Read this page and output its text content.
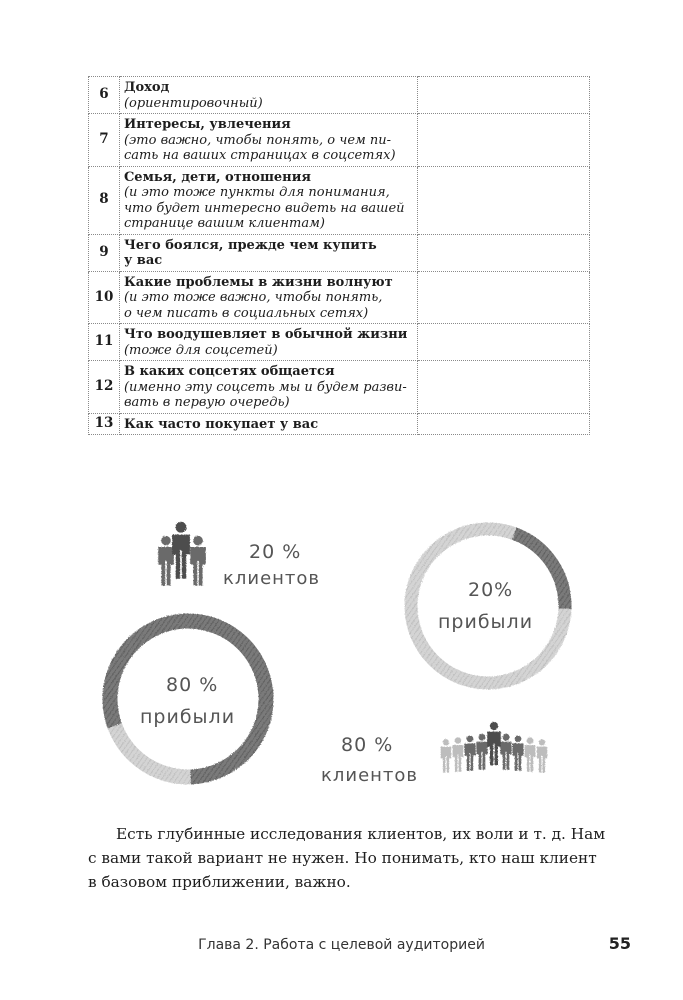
6	Доход
(ориентировочный)	

7	Интересы, увлечения
(это важно, чтобы понять, о чем пи-
сать на ваших страницах в соцсетях)	

8	Семья, дети, отношения
(и это тоже пункты для понимания,
что будет интересно видеть на вашей
странице вашим клиентам)	

9	Чего боялся, прежде чем купить
у вас	

10	Какие проблемы в жизни волнуют
(и это тоже важно, чтобы понять,
о чем писать в социальных сетях)	

11	Что воодушевляет в обычной жизни
(тоже для соцсетей)	

12	В каких соцсетях общается
(именно эту соцсеть мы и будем разви-
вать в первую очередь)	

13	Как часто покупает у вас	

20 %
клиентов
20%
прибыли
80 %
прибыли
80 %
клиентов
Есть глубинные исследования клиентов, их воли и т. д. Нам
с вами такой вариант не нужен. Но понимать, кто наш клиент
в базовом приближении, важно.
Глава 2. Работа с целевой аудиторией	55
